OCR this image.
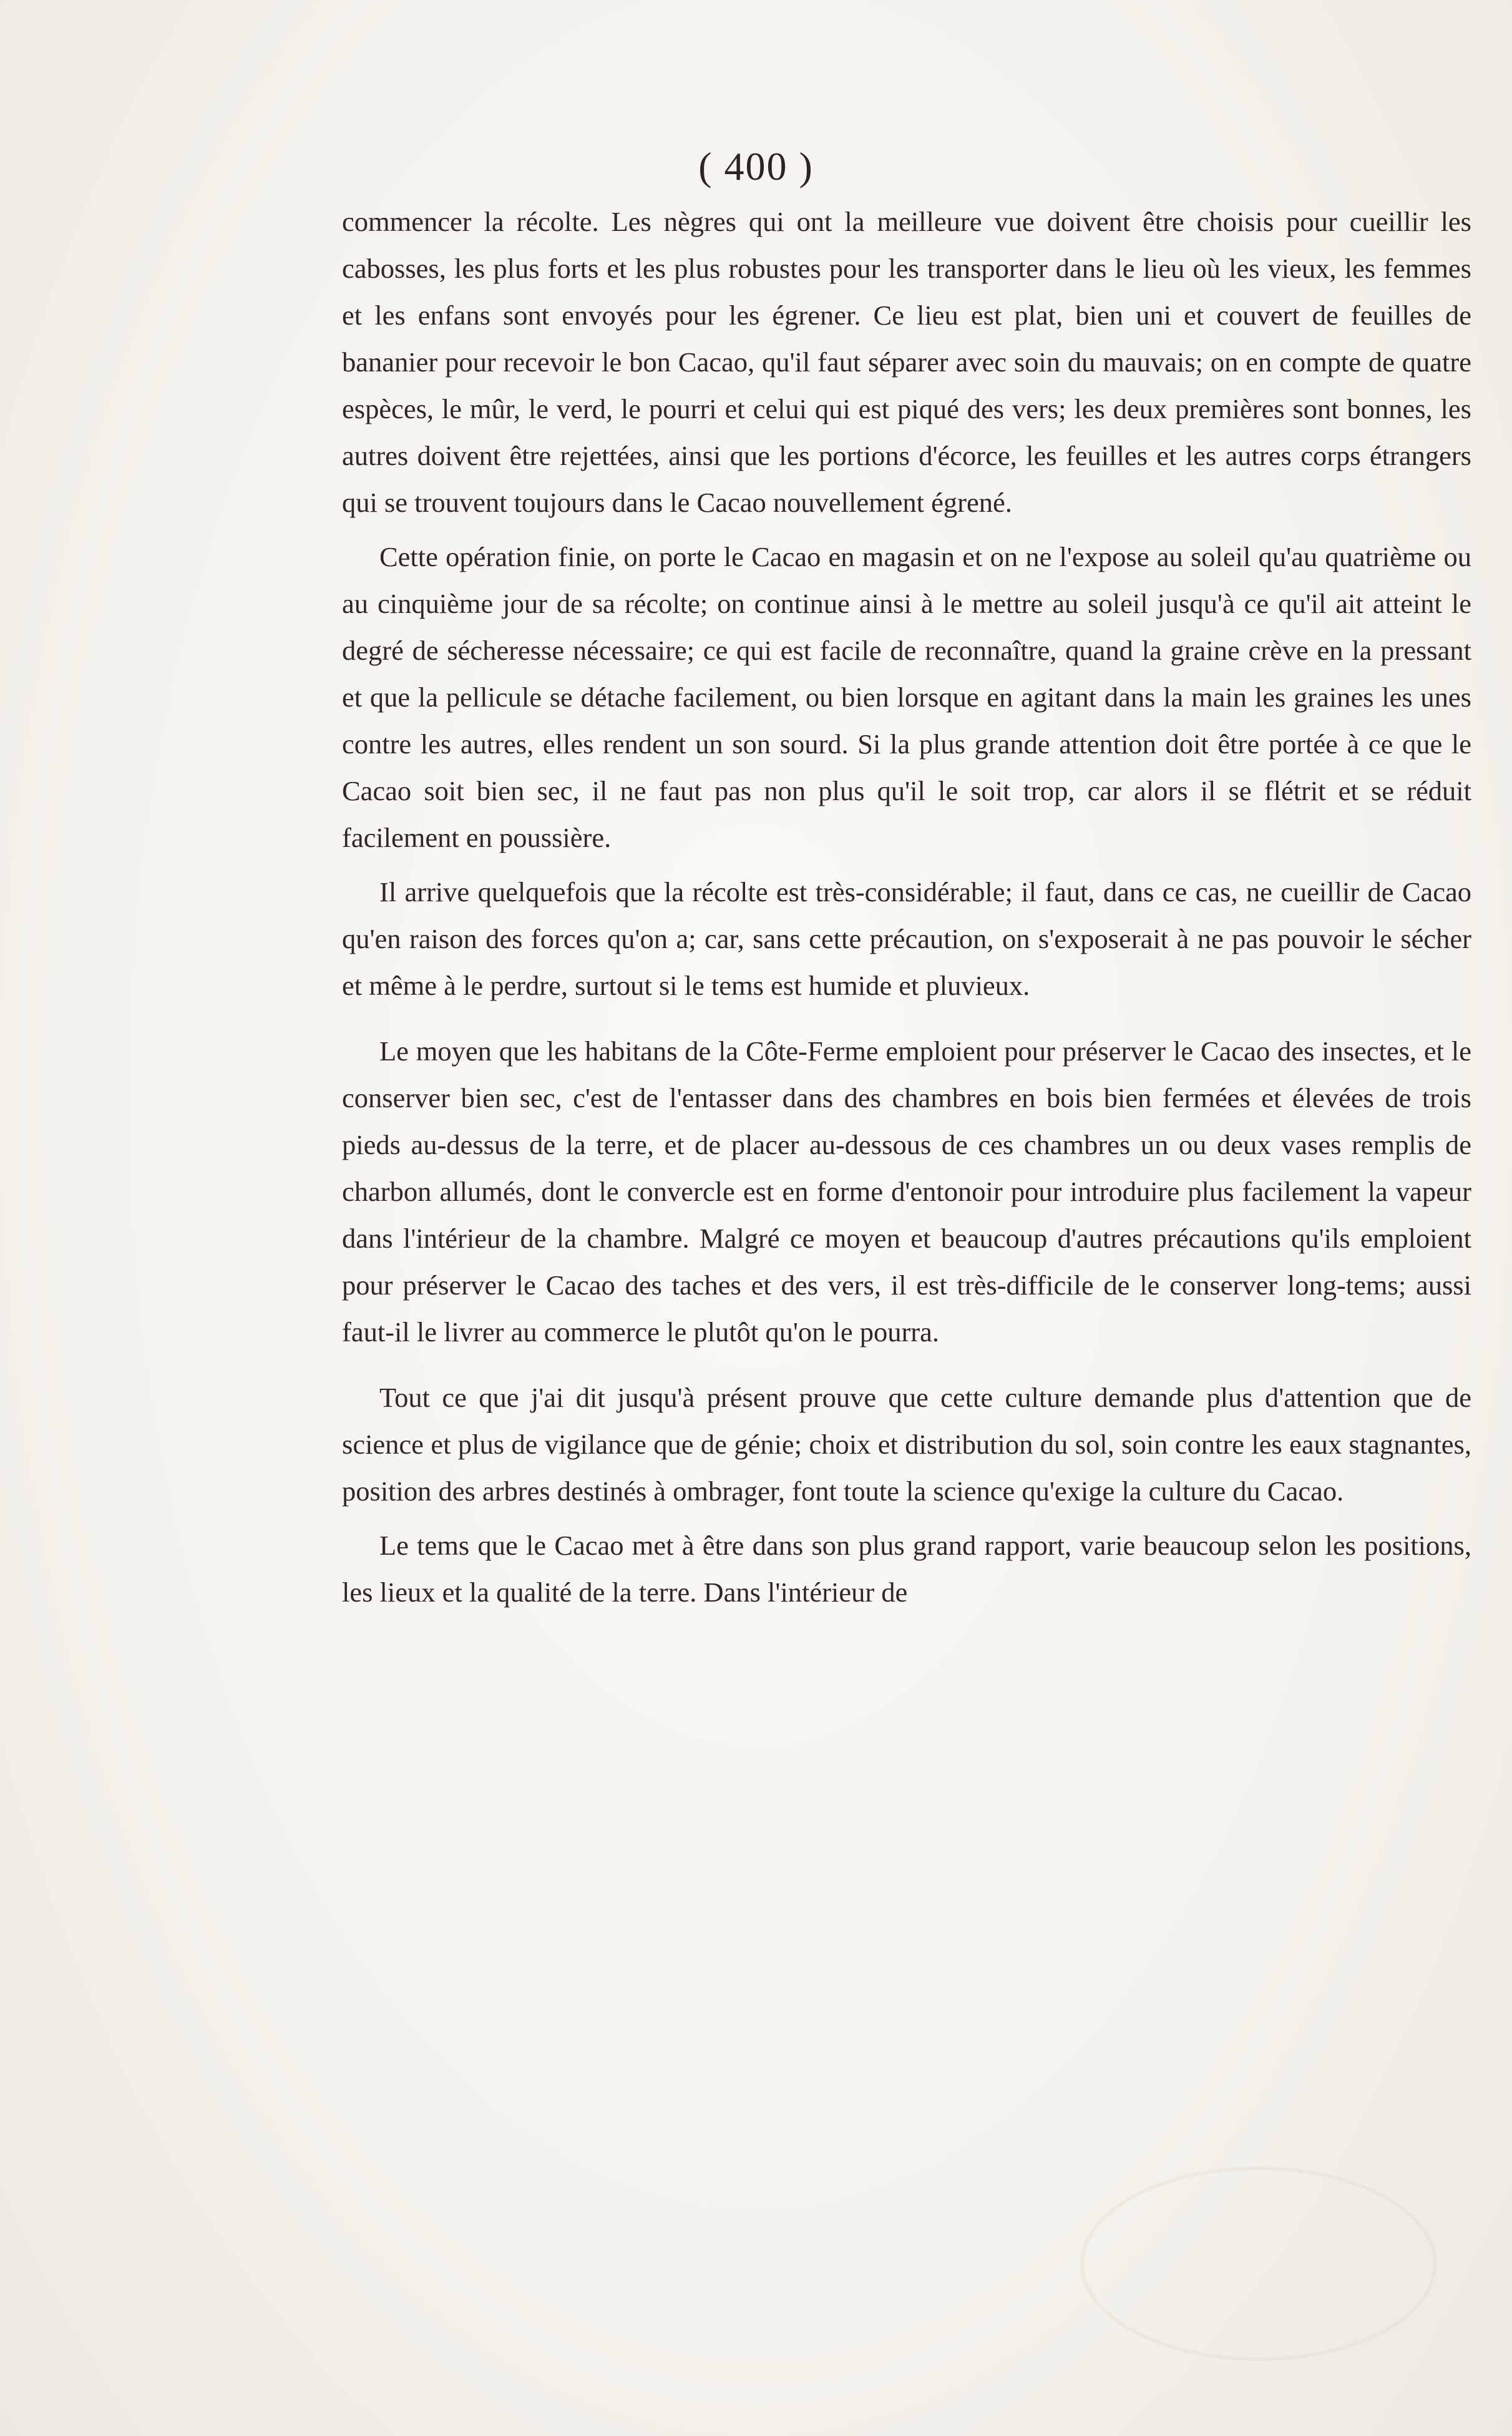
( 400 )

commencer la récolte. Les nègres qui ont la meilleure vue doivent être choisis pour cueillir les cabosses, les plus forts et les plus robustes pour les transporter dans le lieu où les vieux, les femmes et les enfans sont envoyés pour les égrener. Ce lieu est plat, bien uni et couvert de feuilles de bananier pour recevoir le bon Cacao, qu'il faut séparer avec soin du mauvais; on en compte de quatre espèces, le mûr, le verd, le pourri et celui qui est piqué des vers; les deux premières sont bonnes, les autres doivent être rejettées, ainsi que les portions d'écorce, les feuilles et les autres corps étrangers qui se trouvent toujours dans le Cacao nouvellement égrené.

Cette opération finie, on porte le Cacao en magasin et on ne l'expose au soleil qu'au quatrième ou au cinquième jour de sa récolte; on continue ainsi à le mettre au soleil jusqu'à ce qu'il ait atteint le degré de sécheresse nécessaire; ce qui est facile de reconnaître, quand la graine crève en la pressant et que la pellicule se détache facilement, ou bien lorsque en agitant dans la main les graines les unes contre les autres, elles rendent un son sourd. Si la plus grande attention doit être portée à ce que le Cacao soit bien sec, il ne faut pas non plus qu'il le soit trop, car alors il se flétrit et se réduit facilement en poussière.

Il arrive quelquefois que la récolte est très-considérable; il faut, dans ce cas, ne cueillir de Cacao qu'en raison des forces qu'on a; car, sans cette précaution, on s'exposerait à ne pas pouvoir le sécher et même à le perdre, surtout si le tems est humide et pluvieux.

Le moyen que les habitans de la Côte-Ferme emploient pour préserver le Cacao des insectes, et le conserver bien sec, c'est de l'entasser dans des chambres en bois bien fermées et élevées de trois pieds au-dessus de la terre, et de placer au-dessous de ces chambres un ou deux vases remplis de charbon allumés, dont le convercle est en forme d'entonoir pour introduire plus facilement la vapeur dans l'intérieur de la chambre. Malgré ce moyen et beaucoup d'autres précautions qu'ils emploient pour préserver le Cacao des taches et des vers, il est très-difficile de le conserver long-tems; aussi faut-il le livrer au commerce le plutôt qu'on le pourra.

Tout ce que j'ai dit jusqu'à présent prouve que cette culture demande plus d'attention que de science et plus de vigilance que de génie; choix et distribution du sol, soin contre les eaux stagnantes, position des arbres destinés à ombrager, font toute la science qu'exige la culture du Cacao.

Le tems que le Cacao met à être dans son plus grand rapport, varie beaucoup selon les positions, les lieux et la qualité de la terre. Dans l'intérieur de
